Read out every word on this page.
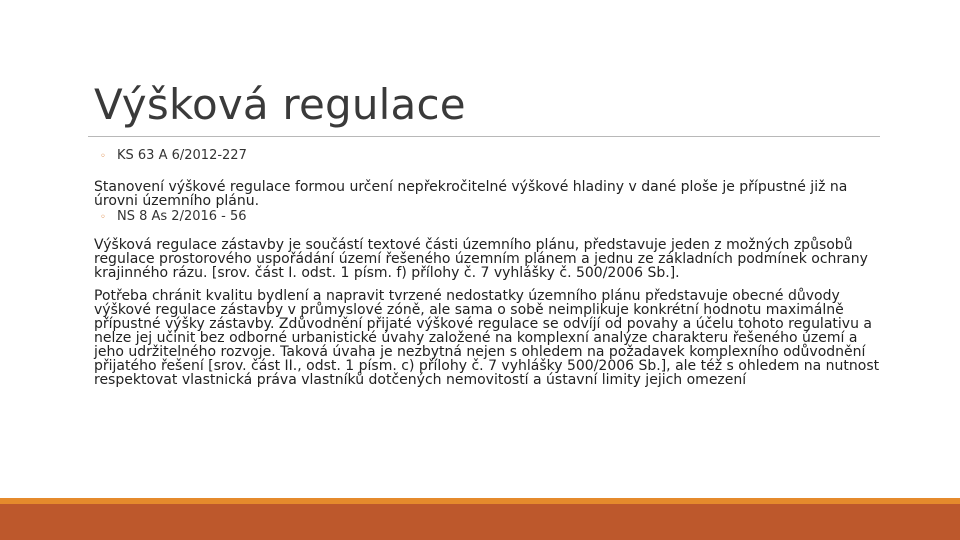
Výšková regulace
◦ KS 63 A 6/2012-227

Stanovení výškové regulace formou určení nepřekročitelné výškové hladiny v dané ploše je přípustné již na úrovni územního plánu.

◦ NS 8 As 2/2016 - 56

Výšková regulace zástavby je součástí textové části územního plánu, představuje jeden z možných způsobů regulace prostorového uspořádání území řešeného územním plánem a jednu ze základních podmínek ochrany krajinného rázu. [srov. část I. odst. 1 písm. f) přílohy č. 7 vyhlášky č. 500/2006 Sb.].

Potřeba chránit kvalitu bydlení a napravit tvrzené nedostatky územního plánu představuje obecné důvody výškové regulace zástavby v průmyslové zóně, ale sama o sobě neimplikuje konkrétní hodnotu maximálně přípustné výšky zástavby. Zdůvodnění přijaté výškové regulace se odvíjí od povahy a účelu tohoto regulativu a nelze jej učinit bez odborné urbanistické úvahy založené na komplexní analýze charakteru řešeného území a jeho udržitelného rozvoje. Taková úvaha je nezbytná nejen s ohledem na požadavek komplexního odůvodnění přijatého řešení [srov. část II., odst. 1 písm. c) přílohy č. 7 vyhlášky 500/2006 Sb.], ale též s ohledem na nutnost respektovat vlastnická práva vlastníků dotčených nemovitostí a ústavní limity jejich omezení
